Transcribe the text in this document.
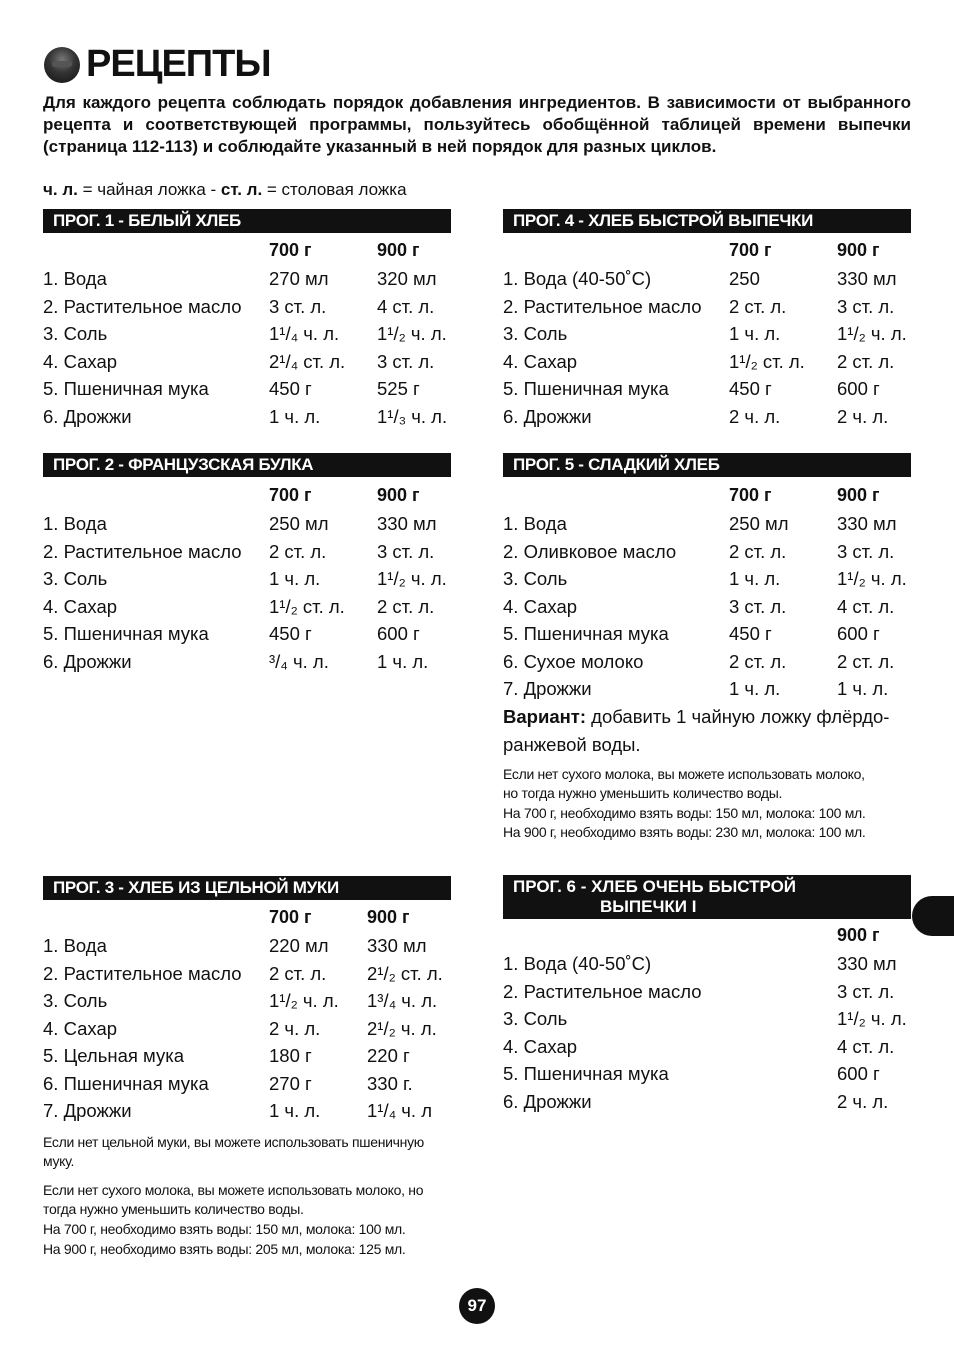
РЕЦЕПТЫ
Для каждого рецепта соблюдать порядок добавления ингредиентов. В зависимости от выбранного рецепта и соответствующей программы, пользуйтесь обобщённой таблицей времени выпечки (страница 112-113) и соблюдайте указанный в ней порядок для разных циклов.
ч. л. = чайная ложка - ст. л. = столовая ложка
ПРОГ. 1 - БЕЛЫЙ ХЛЕБ
700 г	900 г
1. Вода	270 мл	320 мл
2. Растительное масло 3 ст. л.	4 ст. л.
3. Соль	1¹/₄ ч. л. 1¹/₂ ч. л.
4. Сахар	2¹/₄ ст. л. 3 ст. л.
5. Пшеничная мука	450 г	525 г
6. Дрожжи	1 ч. л.	1¹/₃ ч. л.
ПРОГ. 2 - ФРАНЦУЗСКАЯ БУЛКА
700 г	900 г
1. Вода	250 мл	330 мл
2. Растительное масло 2 ст. л.	3 ст. л.
3. Соль	1 ч. л.	1¹/₂ ч. л.
4. Сахар	1¹/₂ ст. л. 2 ст. л.
5. Пшеничная мука	450 г	600 г
6. Дрожжи	³/₄ ч. л.	1 ч. л.
ПРОГ. 3 - ХЛЕБ ИЗ ЦЕЛЬНОЙ МУКИ
700 г	900 г
1. Вода	220 мл 330 мл
2. Растительное масло 2 ст. л. 2¹/₂ ст. л.
3. Соль	1¹/₂ ч. л. 1³/₄ ч. л.
4. Сахар	2 ч. л.	2¹/₂ ч. л.
5. Цельная мука	180 г	220 г
6. Пшеничная мука	270 г	330 г.
7. Дрожжи	1 ч. л.	1¹/₄ ч. л
Если нет цельной муки, вы можете использовать пшеничную муку.
Если нет сухого молока, вы можете использовать молоко, но тогда нужно уменьшить количество воды.
На 700 г, необходимо взять воды: 150 мл, молока: 100 мл.
На 900 г, необходимо взять воды: 205 мл, молока: 125 мл.
ПРОГ. 4 - ХЛЕБ БЫСТРОЙ ВЫПЕЧКИ
700 г	900 г
1. Вода (40-50˚C)	250	330 мл
2. Растительное масло 2 ст. л.	3 ст. л.
3. Соль	1 ч. л.	1¹/₂ ч. л.
4. Сахар	1¹/₂ ст. л. 2 ст. л.
5. Пшеничная мука	450 г	600 г
6. Дрожжи	2 ч. л.	2 ч. л.
ПРОГ. 5 - СЛАДКИЙ ХЛЕБ
700 г	900 г
1. Вода	250 мл	330 мл
2. Оливковое масло	2 ст. л.	3 ст. л.
3. Соль	1 ч. л.	1¹/₂ ч. л.
4. Сахар	3 ст. л.	4 ст. л.
5. Пшеничная мука	450 г	600 г
6. Сухое молоко	2 ст. л.	2 ст. л.
7. Дрожжи	1 ч. л.	1 ч. л.
Вариант: добавить 1 чайную ложку флёрдо-
ранжевой воды.
Если нет сухого молока, вы можете использовать молоко,
но тогда нужно уменьшить количество воды.
На 700 г, необходимо взять воды: 150 мл, молока: 100 мл.
На 900 г, необходимо взять воды: 230 мл, молока: 100 мл.
ПРОГ. 6 - ХЛЕБ ОЧЕНЬ БЫСТРОЙ
ВЫПЕЧКИ I
900 г
1. Вода (40-50˚C)	330 мл
2. Растительное масло	3 ст. л.
3. Соль	1¹/₂ ч. л.
4. Сахар	4 ст. л.
5. Пшеничная мука	600 г
6. Дрожжи	2 ч. л.
97
